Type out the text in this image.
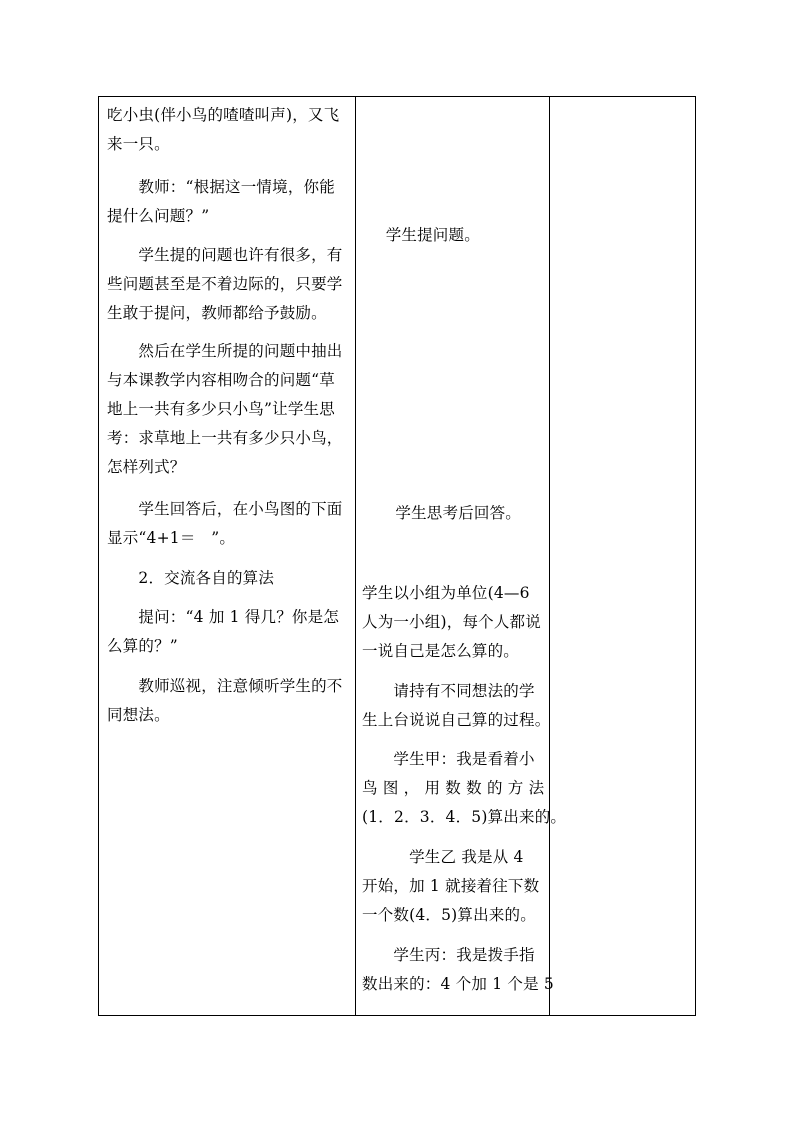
吃小虫(伴小鸟的喳喳叫声)，又飞
来一只。

　　教师：“根据这一情境，你能
提什么问题？”

　　学生提的问题也许有很多，有
些问题甚至是不着边际的，只要学
生敢于提问，教师都给予鼓励。

　　然后在学生所提的问题中抽出
与本课教学内容相吻合的问题“草
地上一共有多少只小鸟”让学生思
考：求草地上一共有多少只小鸟，
怎样列式？

　　学生回答后，在小鸟图的下面
显示“4+1＝　”。

　　2．交流各自的算法

　　提问：“4 加 1 得几？你是怎
么算的？”

　　教师巡视，注意倾听学生的不
同想法。

　学生提问题。

　　学生思考后回答。

学生以小组为单位(4—6
人为一小组)，每个人都说
一说自己是怎么算的。

　　请持有不同想法的学
生上台说说自己算的过程。

　　学生甲：我是看着小
鸟 图 ， 用 数 数 的 方 法
(1．2．3．4．5)算出来的。

　　　学生乙 我是从 4
开始，加 1 就接着往下数
一个数(4．5)算出来的。

　　学生丙：我是拨手指
数出来的：4 个加 1 个是 5
